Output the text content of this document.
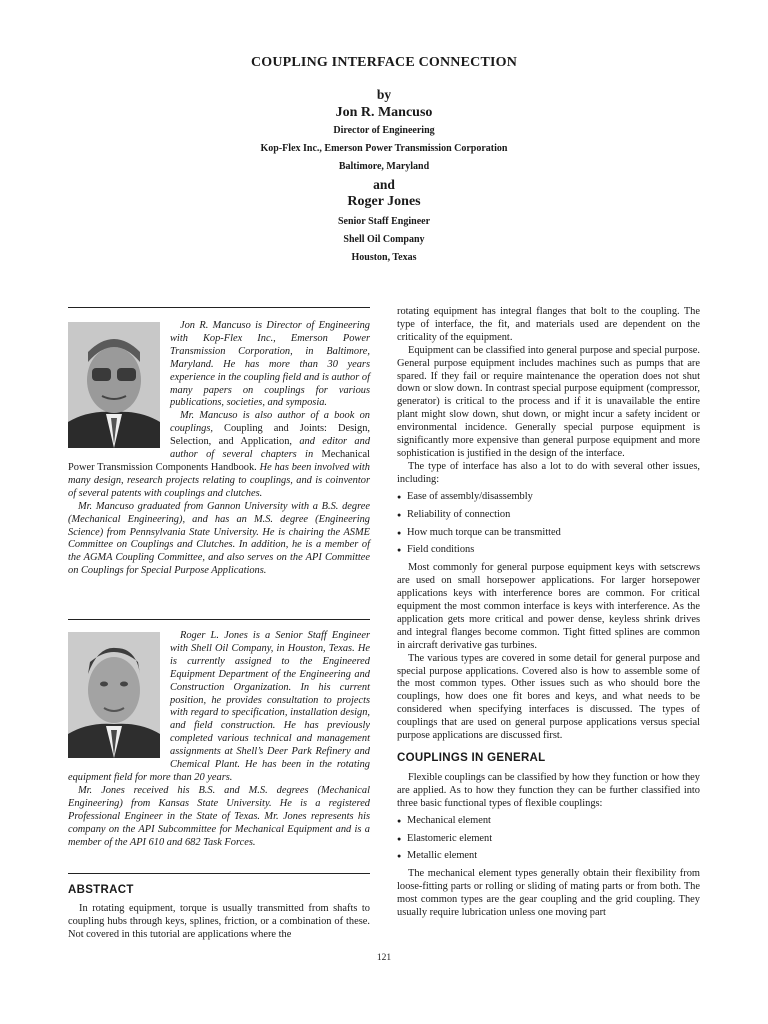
COUPLING INTERFACE CONNECTION
by
Jon R. Mancuso
Director of Engineering
Kop-Flex Inc., Emerson Power Transmission Corporation
Baltimore, Maryland
and
Roger Jones
Senior Staff Engineer
Shell Oil Company
Houston, Texas

Jon R. Mancuso is Director of Engineering with Kop-Flex Inc., Emerson Power Transmission Corporation, in Baltimore, Maryland. He has more than 30 years experience in the coupling field and is author of many papers on couplings for various publications, societies, and symposia.

Mr. Mancuso is also author of a book on couplings, Coupling and Joints: Design, Selection, and Application, and editor and author of several chapters in Mechanical Power Transmission Components Handbook. He has been involved with many design, research projects relating to couplings, and is coinventor of several patents with couplings and clutches.

Mr. Mancuso graduated from Gannon University with a B.S. degree (Mechanical Engineering), and has an M.S. degree (Engineering Science) from Pennsylvania State University. He is chairing the ASME Committee on Couplings and Clutches. In addition, he is a member of the AGMA Coupling Committee, and also serves on the API Committee on Couplings for Special Purpose Applications.

Roger L. Jones is a Senior Staff Engineer with Shell Oil Company, in Houston, Texas. He is currently assigned to the Engineered Equipment Department of the Engineering and Construction Organization. In his current position, he provides consultation to projects with regard to specification, installation design, and field construction. He has previously completed various technical and management assignments at Shell’s Deer Park Refinery and Chemical Plant. He has been in the rotating equipment field for more than 20 years.

Mr. Jones received his B.S. and M.S. degrees (Mechanical Engineering) from Kansas State University. He is a registered Professional Engineer in the State of Texas. Mr. Jones represents his company on the API Subcommittee for Mechanical Equipment and is a member of the API 610 and 682 Task Forces.

ABSTRACT

In rotating equipment, torque is usually transmitted from shafts to coupling hubs through keys, splines, friction, or a combination of these. Not covered in this tutorial are applications where the

rotating equipment has integral flanges that bolt to the coupling. The type of interface, the fit, and materials used are dependent on the criticality of the equipment.

Equipment can be classified into general purpose and special purpose. General purpose equipment includes machines such as pumps that are spared. If they fail or require maintenance the operation does not shut down or slow down. In contrast special purpose equipment (compressor, generator) is critical to the process and if it is unavailable the entire plant might slow down, shut down, or might incur a safety incident or environmental incidence. Generally special purpose equipment is significantly more expensive than general purpose equipment and more sophistication is justified in the design of the interface.

The type of interface has also a lot to do with several other issues, including:

● Ease of assembly/disassembly
● Reliability of connection
● How much torque can be transmitted
● Field conditions

Most commonly for general purpose equipment keys with setscrews are used on small horsepower applications. For larger horsepower applications keys with interference bores are common. For critical equipment the most common interface is keys with interference. As the application gets more critical and power dense, keyless shrink drives and integral flanges become common. Tight fitted splines are common in aircraft derivative gas turbines.

The various types are covered in some detail for general purpose and special purpose applications. Covered also is how to assemble some of the most common types. Other issues such as who should bore the couplings, how does one fit bores and keys, and what needs to be considered when specifying interfaces is discussed. The types of couplings that are used on general purpose applications versus special purpose applications are discussed first.

COUPLINGS IN GENERAL

Flexible couplings can be classified by how they function or how they are applied. As to how they function they can be further classified into three basic functional types of flexible couplings:

● Mechanical element
● Elastomeric element
● Metallic element

The mechanical element types generally obtain their flexibility from loose-fitting parts or rolling or sliding of mating parts or from both. The most common types are the gear coupling and the grid coupling. They usually require lubrication unless one moving part

121
